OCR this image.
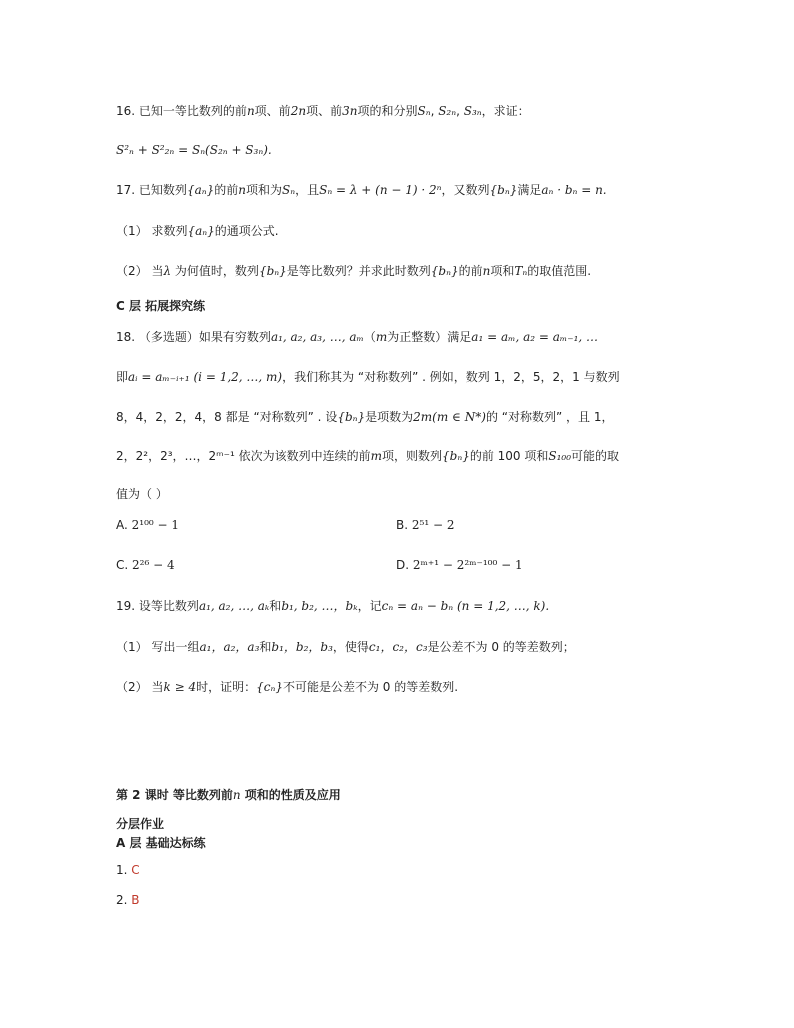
16. 已知一等比数列的前n项、前2n项、前3n项的和分别Sₙ, S₂ₙ, S₃ₙ，求证：
S²ₙ + S²₂ₙ = Sₙ(S₂ₙ + S₃ₙ).
17. 已知数列{aₙ}的前n项和为Sₙ，且Sₙ = λ + (n − 1) · 2ⁿ，又数列{bₙ}满足aₙ · bₙ = n.
（1） 求数列{aₙ}的通项公式.
（2） 当λ 为何值时，数列{bₙ}是等比数列？并求此时数列{bₙ}的前n项和Tₙ的取值范围.
C 层 拓展探究练
18. （多选题）如果有穷数列a₁, a₂, a₃, …, aₘ（m为正整数）满足a₁ = aₘ, a₂ = aₘ₋₁, …
即aᵢ = aₘ₋ᵢ₊₁ (i = 1,2, …, m)，我们称其为 “对称数列” . 例如，数列 1，2，5，2，1 与数列
8，4，2，2，4，8 都是 “对称数列” . 设{bₙ}是项数为2m(m ∈ N*)的 “对称数列” ，且 1，
2，2²，2³，…，2ᵐ⁻¹ 依次为该数列中连续的前m项，则数列{bₙ}的前 100 项和S₁₀₀可能的取
值为（ ）
A. 2¹⁰⁰ − 1	B. 2⁵¹ − 2
C. 2²⁶ − 4	D. 2ᵐ⁺¹ − 2²ᵐ⁻¹⁰⁰ − 1
19. 设等比数列a₁, a₂, …, aₖ和b₁, b₂, …，bₖ，记cₙ = aₙ − bₙ (n = 1,2, …, k).
（1） 写出一组a₁，a₂，a₃和b₁，b₂，b₃，使得c₁，c₂，c₃是公差不为 0 的等差数列；
（2） 当k ≥ 4时，证明：{cₙ}不可能是公差不为 0 的等差数列.
第 2 课时 等比数列前n 项和的性质及应用
分层作业
A 层 基础达标练
1. C
2. B
